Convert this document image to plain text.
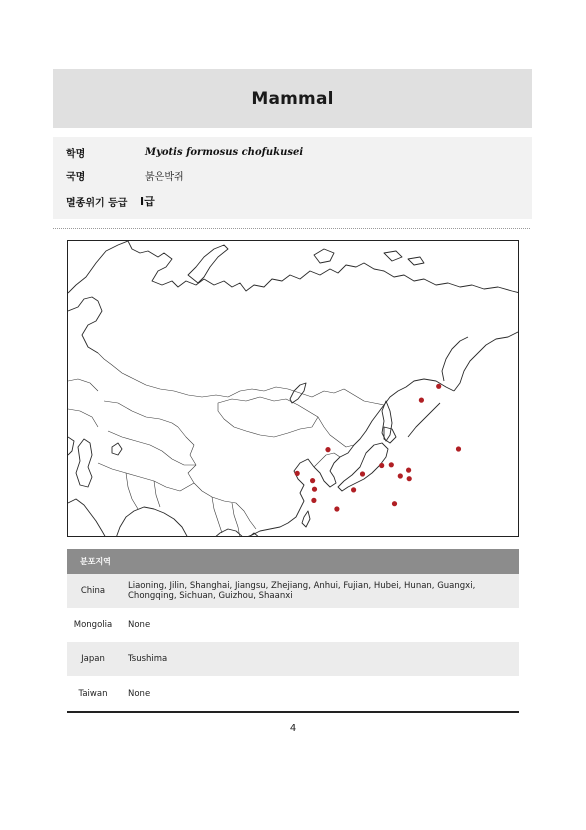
Mammal
학명	Myotis formosus chofukusei
국명	붉은박쥐
멸종위기 등급	Ⅰ급
분포지역
China	Liaoning, Jilin, Shanghai, Jiangsu, Zhejiang, Anhui, Fujian, Hubei, Hunan, Guangxi, Chongqing, Sichuan, Guizhou, Shaanxi
Mongolia	None
Japan	Tsushima
Taiwan	None
4
